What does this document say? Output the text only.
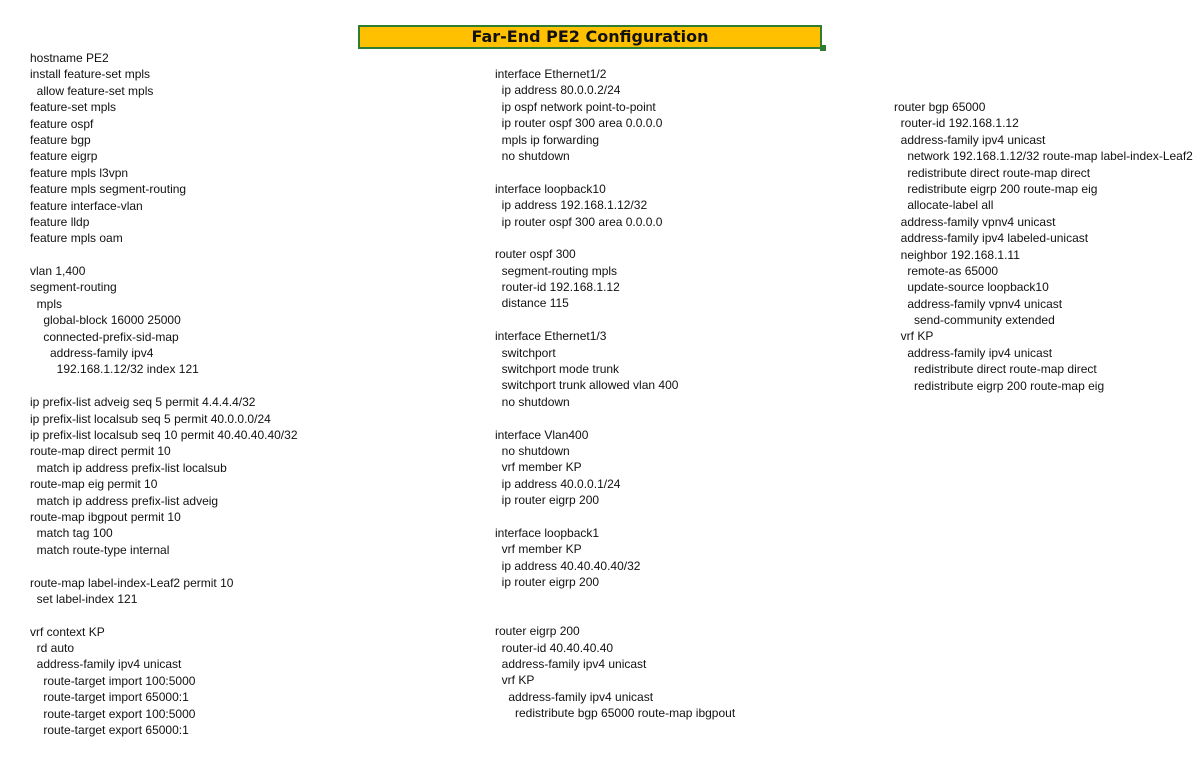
Far-End PE2 Configuration
hostname PE2
install feature-set mpls
allow feature-set mpls
feature-set mpls
feature ospf
feature bgp
feature eigrp
feature mpls l3vpn
feature mpls segment-routing
feature interface-vlan
feature lldp
feature mpls oam
vlan 1,400
segment-routing
mpls
global-block 16000 25000
connected-prefix-sid-map
address-family ipv4
192.168.1.12/32 index 121
ip prefix-list adveig seq 5 permit 4.4.4.4/32
ip prefix-list localsub seq 5 permit 40.0.0.0/24
ip prefix-list localsub seq 10 permit 40.40.40.40/32
route-map direct permit 10
match ip address prefix-list localsub
route-map eig permit 10
match ip address prefix-list adveig
route-map ibgpout permit 10
match tag 100
match route-type internal
route-map label-index-Leaf2 permit 10
set label-index 121
vrf context KP
rd auto
address-family ipv4 unicast
route-target import 100:5000
route-target import 65000:1
route-target export 100:5000
route-target export 65000:1
interface Ethernet1/2
ip address 80.0.0.2/24
ip ospf network point-to-point
ip router ospf 300 area 0.0.0.0
mpls ip forwarding
no shutdown
interface loopback10
ip address 192.168.1.12/32
ip router ospf 300 area 0.0.0.0
router ospf 300
segment-routing mpls
router-id 192.168.1.12
distance 115
interface Ethernet1/3
switchport
switchport mode trunk
switchport trunk allowed vlan 400
no shutdown
interface Vlan400
no shutdown
vrf member KP
ip address 40.0.0.1/24
ip router eigrp 200
interface loopback1
vrf member KP
ip address 40.40.40.40/32
ip router eigrp 200
router eigrp 200
router-id 40.40.40.40
address-family ipv4 unicast
vrf KP
address-family ipv4 unicast
redistribute bgp 65000 route-map ibgpout
router bgp 65000
router-id 192.168.1.12
address-family ipv4 unicast
network 192.168.1.12/32 route-map label-index-Leaf2
redistribute direct route-map direct
redistribute eigrp 200 route-map eig
allocate-label all
address-family vpnv4 unicast
address-family ipv4 labeled-unicast
neighbor 192.168.1.11
remote-as 65000
update-source loopback10
address-family vpnv4 unicast
send-community extended
vrf KP
address-family ipv4 unicast
redistribute direct route-map direct
redistribute eigrp 200 route-map eig
